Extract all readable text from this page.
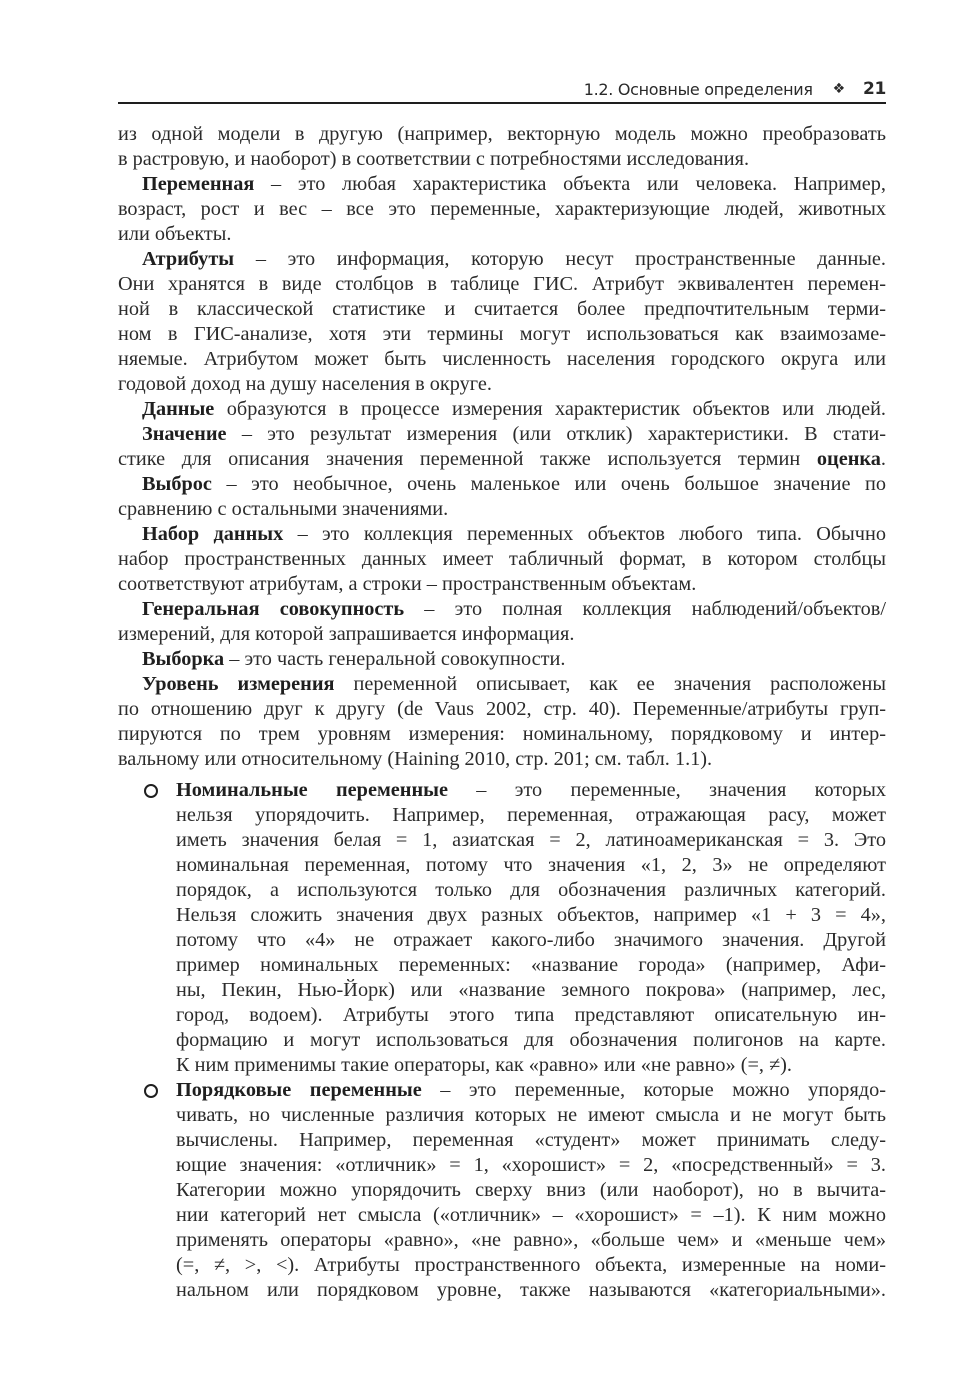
1.2. Основные определения ❖ 21
из одной модели в другую (например, векторную модель можно преобразовать
в растровую, и наоборот) в соответствии с потребностями исследования.
Переменная – это любая характеристика объекта или человека. Например,
возраст, рост и вес – все это переменные, характеризующие людей, животных
или объекты.
Атрибуты – это информация, которую несут пространственные данные.
Они хранятся в виде столбцов в таблице ГИС. Атрибут эквивалентен перемен-
ной в классической статистике и считается более предпочтительным терми-
ном в ГИС-анализе, хотя эти термины могут использоваться как взаимозаме-
няемые. Атрибутом может быть численность населения городского округа или
годовой доход на душу населения в округе.
Данные образуются в процессе измерения характеристик объектов или людей.
Значение – это результат измерения (или отклик) характеристики. В стати-
стике для описания значения переменной также используется термин оценка.
Выброс – это необычное, очень маленькое или очень большое значение по
сравнению с остальными значениями.
Набор данных – это коллекция переменных объектов любого типа. Обычно
набор пространственных данных имеет табличный формат, в котором столбцы
соответствуют атрибутам, а строки – пространственным объектам.
Генеральная совокупность – это полная коллекция наблюдений/объектов/
измерений, для которой запрашивается информация.
Выборка – это часть генеральной совокупности.
Уровень измерения переменной описывает, как ее значения расположены
по отношению друг к другу (de Vaus 2002, стр. 40). Переменные/атрибуты груп-
пируются по трем уровням измерения: номинальному, порядковому и интер-
вальному или относительному (Haining 2010, стр. 201; см. табл. 1.1).
Номинальные переменные – это переменные, значения которых
нельзя упорядочить. Например, переменная, отражающая расу, может
иметь значения белая = 1, азиатская = 2, латиноамериканская = 3. Это
номинальная переменная, потому что значения «1, 2, 3» не определяют
порядок, а используются только для обозначения различных категорий.
Нельзя сложить значения двух разных объектов, например «1 + 3 = 4»,
потому что «4» не отражает какого-либо значимого значения. Другой
пример номинальных переменных: «название города» (например, Афи-
ны, Пекин, Нью-Йорк) или «название земного покрова» (например, лес,
город, водоем). Атрибуты этого типа представляют описательную ин-
формацию и могут использоваться для обозначения полигонов на карте.
К ним применимы такие операторы, как «равно» или «не равно» (=, ≠).
Порядковые переменные – это переменные, которые можно упорядо-
чивать, но численные различия которых не имеют смысла и не могут быть
вычислены. Например, переменная «студент» может принимать следу-
ющие значения: «отличник» = 1, «хорошист» = 2, «посредственный» = 3.
Категории можно упорядочить сверху вниз (или наоборот), но в вычита-
нии категорий нет смысла («отличник» – «хорошист» = –1). К ним можно
применять операторы «равно», «не равно», «больше чем» и «меньше чем»
(=, ≠, >, <). Атрибуты пространственного объекта, измеренные на номи-
нальном или порядковом уровне, также называются «категориальными».
